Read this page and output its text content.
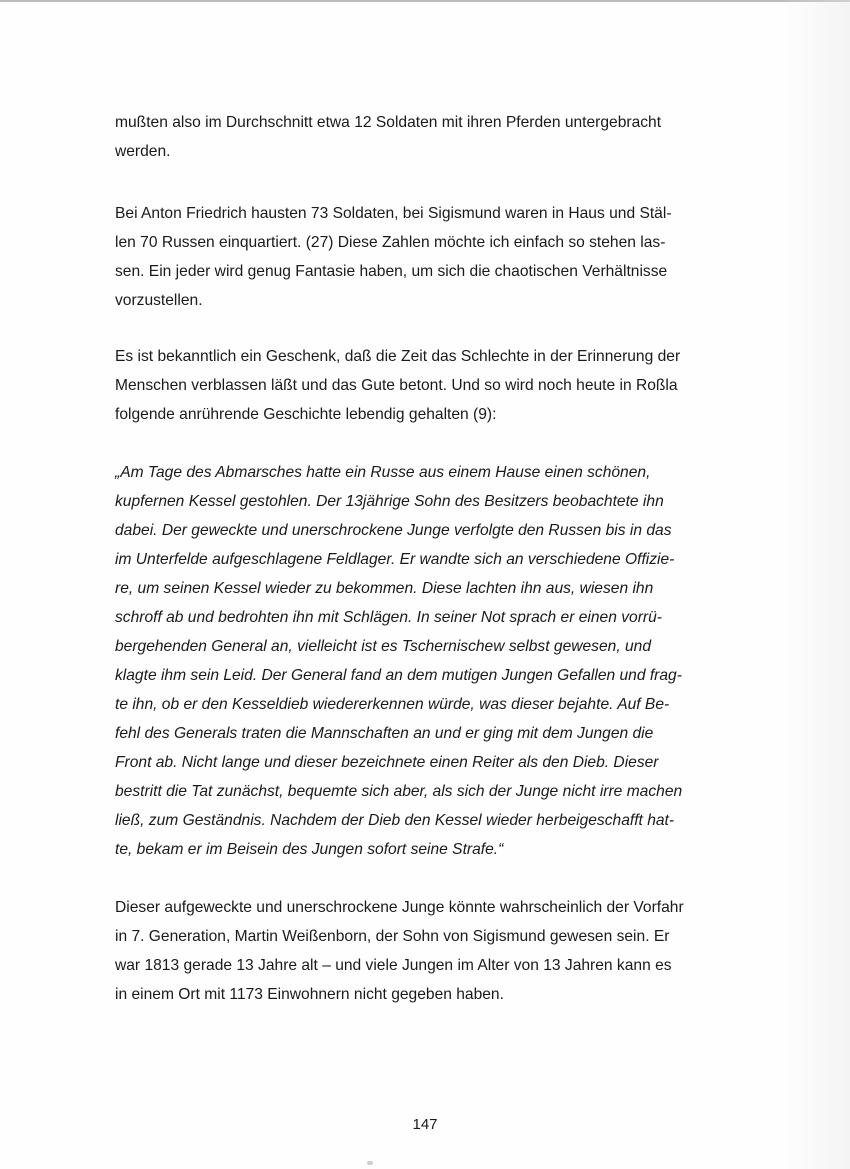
mußten also im Durchschnitt etwa 12 Soldaten mit ihren Pferden untergebracht
werden.
Bei Anton Friedrich hausten 73 Soldaten, bei Sigismund waren in Haus und Stäl-
len 70 Russen einquartiert. (27) Diese Zahlen möchte ich einfach so stehen las-
sen. Ein jeder wird genug Fantasie haben, um sich die chaotischen Verhältnisse
vorzustellen.
Es ist bekanntlich ein Geschenk, daß die Zeit das Schlechte in der Erinnerung der
Menschen verblassen läßt und das Gute betont. Und so wird noch heute in Roßla
folgende anrührende Geschichte lebendig gehalten (9):
„Am Tage des Abmarsches hatte ein Russe aus einem Hause einen schönen,
kupfernen Kessel gestohlen. Der 13jährige Sohn des Besitzers beobachtete ihn
dabei. Der geweckte und unerschrockene Junge verfolgte den Russen bis in das
im Unterfelde aufgeschlagene Feldlager. Er wandte sich an verschiedene Offizie-
re, um seinen Kessel wieder zu bekommen. Diese lachten ihn aus, wiesen ihn
schroff ab und bedrohten ihn mit Schlägen. In seiner Not sprach er einen vorrü-
bergehenden General an, vielleicht ist es Tschernischew selbst gewesen, und
klagte ihm sein Leid. Der General fand an dem mutigen Jungen Gefallen und frag-
te ihn, ob er den Kesseldieb wiedererkennen würde, was dieser bejahte. Auf Be-
fehl des Generals traten die Mannschaften an und er ging mit dem Jungen die
Front ab. Nicht lange und dieser bezeichnete einen Reiter als den Dieb. Dieser
bestritt die Tat zunächst, bequemte sich aber, als sich der Junge nicht irre machen
ließ, zum Geständnis. Nachdem der Dieb den Kessel wieder herbeigeschafft hat-
te, bekam er im Beisein des Jungen sofort seine Strafe.“
Dieser aufgeweckte und unerschrockene Junge könnte wahrscheinlich der Vorfahr
in 7. Generation, Martin Weißenborn, der Sohn von Sigismund gewesen sein. Er
war 1813 gerade 13 Jahre alt – und viele Jungen im Alter von 13 Jahren kann es
in einem Ort mit 1173 Einwohnern nicht gegeben haben.
147
